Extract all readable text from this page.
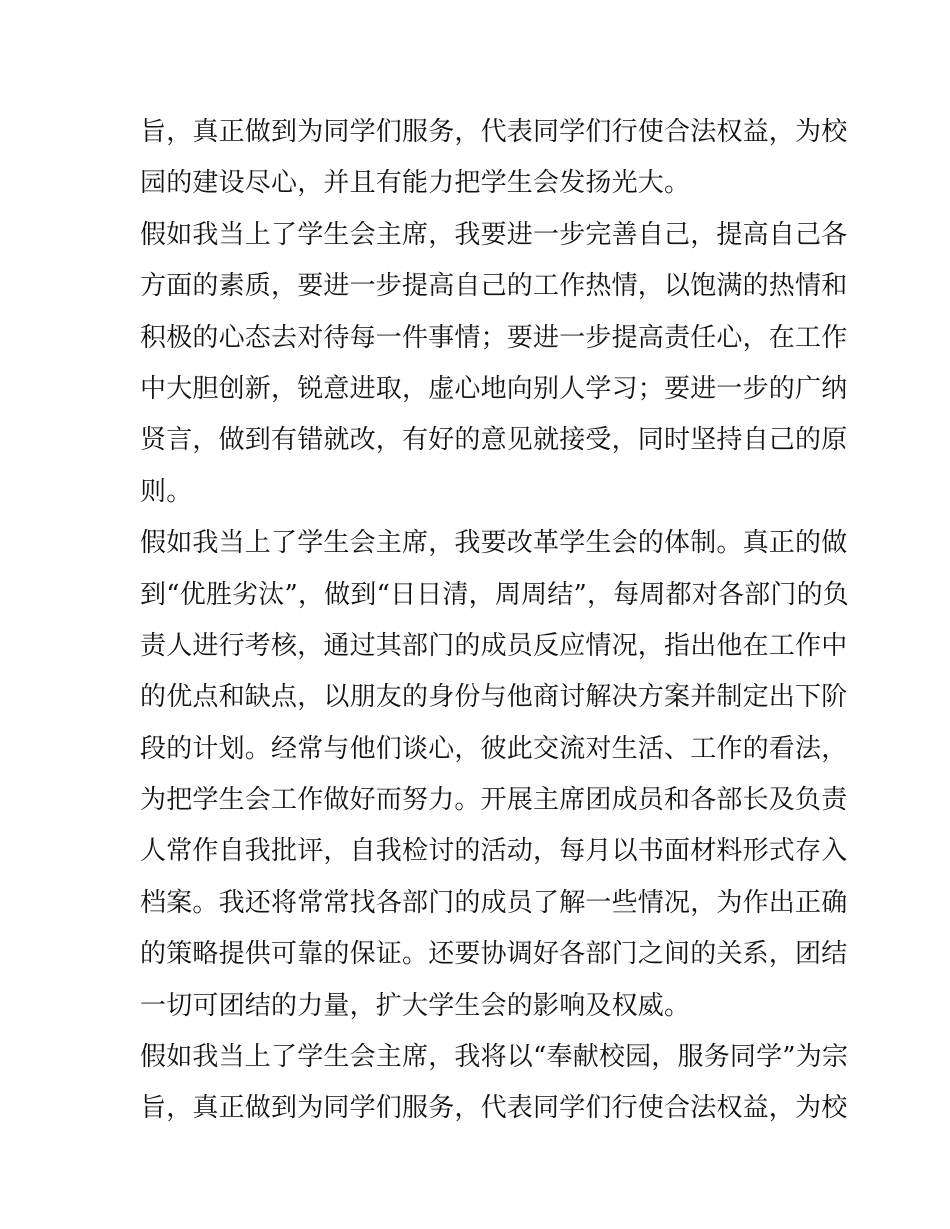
旨，真正做到为同学们服务，代表同学们行使合法权益，为校
园的建设尽心，并且有能力把学生会发扬光大。
假如我当上了学生会主席，我要进一步完善自己，提高自己各
方面的素质，要进一步提高自己的工作热情，以饱满的热情和
积极的心态去对待每一件事情；要进一步提高责任心，在工作
中大胆创新，锐意进取，虚心地向别人学习；要进一步的广纳
贤言，做到有错就改，有好的意见就接受，同时坚持自己的原
则。
假如我当上了学生会主席，我要改革学生会的体制。真正的做
到“优胜劣汰”，做到“日日清，周周结”，每周都对各部门的负
责人进行考核，通过其部门的成员反应情况，指出他在工作中
的优点和缺点，以朋友的身份与他商讨解决方案并制定出下阶
段的计划。经常与他们谈心，彼此交流对生活、工作的看法，
为把学生会工作做好而努力。开展主席团成员和各部长及负责
人常作自我批评，自我检讨的活动，每月以书面材料形式存入
档案。我还将常常找各部门的成员了解一些情况，为作出正确
的策略提供可靠的保证。还要协调好各部门之间的关系，团结
一切可团结的力量，扩大学生会的影响及权威。
假如我当上了学生会主席，我将以“奉献校园，服务同学”为宗
旨，真正做到为同学们服务，代表同学们行使合法权益，为校
